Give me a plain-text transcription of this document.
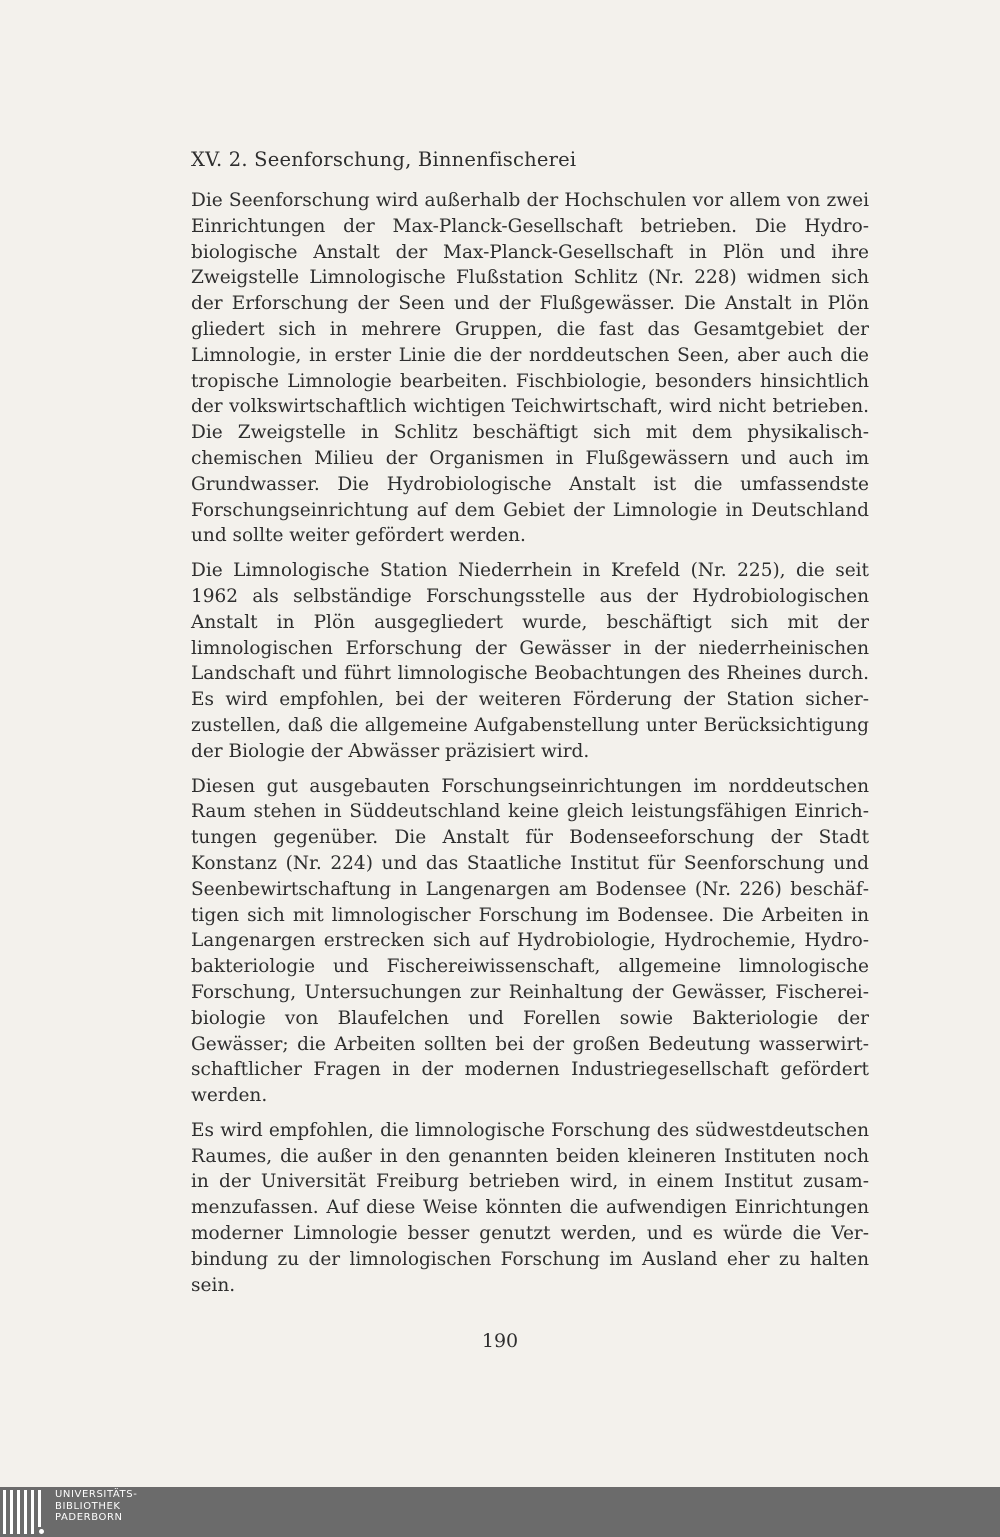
XV. 2. Seenforschung, Binnenfischerei

Die Seenforschung wird außerhalb der Hochschulen vor allem von zwei Einrichtungen der Max-Planck-Gesellschaft betrieben. Die Hydrobiologische Anstalt der Max-Planck-Gesellschaft in Plön und ihre Zweigstelle Limnologische Flußstation Schlitz (Nr. 228) widmen sich der Erforschung der Seen und der Flußgewässer. Die Anstalt in Plön gliedert sich in mehrere Gruppen, die fast das Gesamtgebiet der Limnologie, in erster Linie die der norddeutschen Seen, aber auch die tropische Limnologie bearbeiten. Fischbiologie, besonders hinsichtlich der volkswirtschaftlich wichtigen Teichwirtschaft, wird nicht betrieben. Die Zweigstelle in Schlitz beschäftigt sich mit dem physikalisch-chemischen Milieu der Organismen in Flußgewässern und auch im Grundwasser. Die Hydrobiologische Anstalt ist die umfassendste Forschungseinrichtung auf dem Gebiet der Limnologie in Deutschland und sollte weiter gefördert werden.

Die Limnologische Station Niederrhein in Krefeld (Nr. 225), die seit 1962 als selbständige Forschungsstelle aus der Hydrobiologischen Anstalt in Plön ausgegliedert wurde, beschäftigt sich mit der limnologischen Erforschung der Gewässer in der niederrheinischen Landschaft und führt limnologische Beobachtungen des Rheines durch. Es wird empfohlen, bei der weiteren Förderung der Station sicherzustellen, daß die allgemeine Aufgabenstellung unter Berücksichtigung der Biologie der Abwässer präzisiert wird.

Diesen gut ausgebauten Forschungseinrichtungen im norddeutschen Raum stehen in Süddeutschland keine gleich leistungsfähigen Einrichtungen gegenüber. Die Anstalt für Bodenseeforschung der Stadt Konstanz (Nr. 224) und das Staatliche Institut für Seenforschung und Seenbewirtschaftung in Langenargen am Bodensee (Nr. 226) beschäftigen sich mit limnologischer Forschung im Bodensee. Die Arbeiten in Langenargen erstrecken sich auf Hydrobiologie, Hydrochemie, Hydrobakteriologie und Fischereiwissenschaft, allgemeine limnologische Forschung, Untersuchungen zur Reinhaltung der Gewässer, Fischereibiologie von Blaufelchen und Forellen sowie Bakteriologie der Gewässer; die Arbeiten sollten bei der großen Bedeutung wasserwirtschaftlicher Fragen in der modernen Industriegesellschaft gefördert werden.

Es wird empfohlen, die limnologische Forschung des südwestdeutschen Raumes, die außer in den genannten beiden kleineren Instituten noch in der Universität Freiburg betrieben wird, in einem Institut zusammenzufassen. Auf diese Weise könnten die aufwendigen Einrichtungen moderner Limnologie besser genutzt werden, und es würde die Verbindung zu der limnologischen Forschung im Ausland eher zu halten sein.

190
UNIVERSITÄTS-
BIBLIOTHEK
PADERBORN
